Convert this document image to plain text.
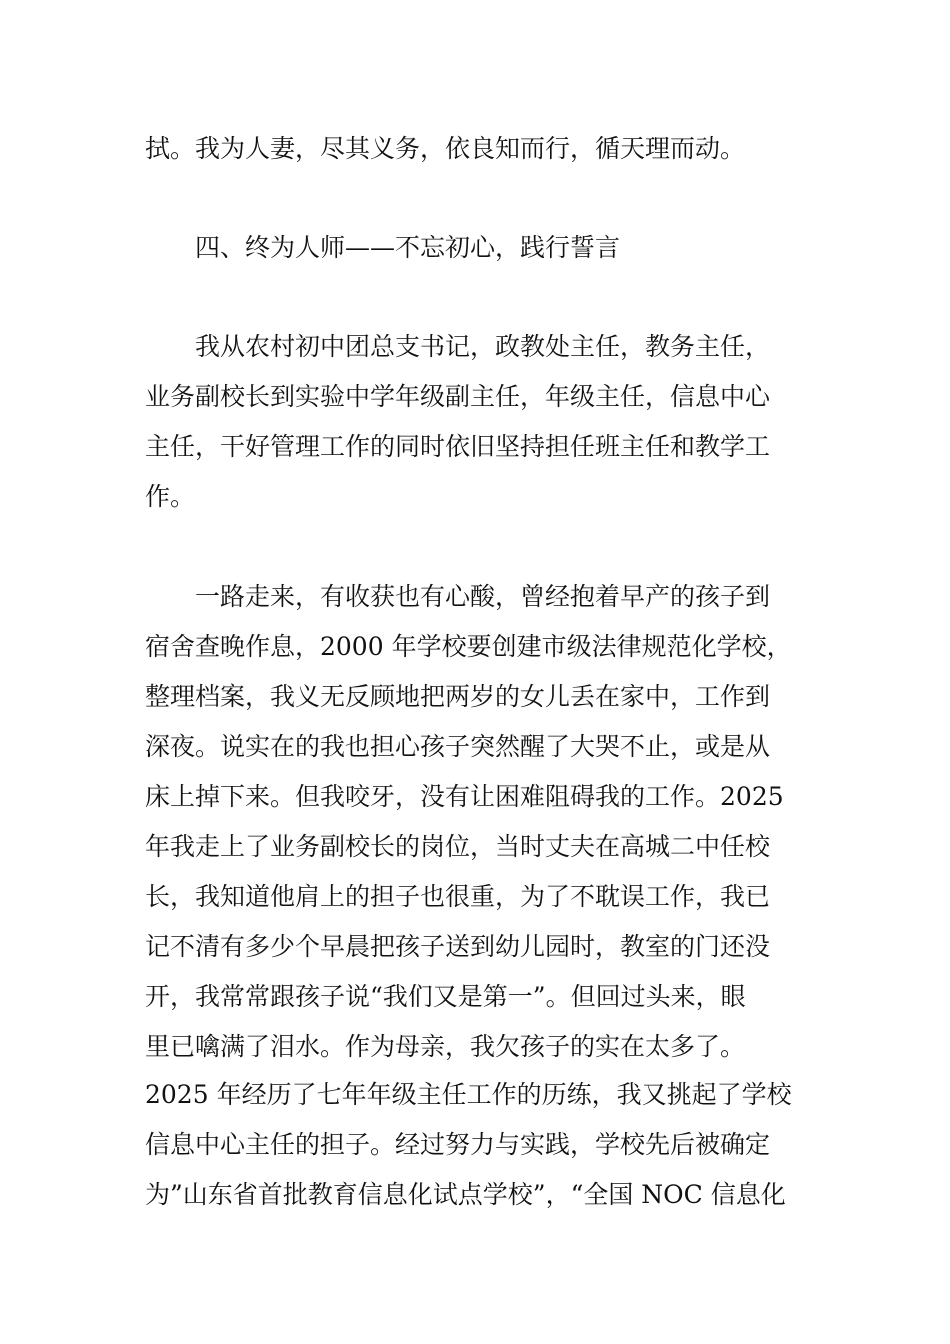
拭。我为人妻，尽其义务，依良知而行，循天理而动。
四、终为人师——不忘初心，践行誓言
我从农村初中团总支书记，政教处主任，教务主任，
业务副校长到实验中学年级副主任，年级主任，信息中心
主任，干好管理工作的同时依旧坚持担任班主任和教学工
作。
一路走来，有收获也有心酸，曾经抱着早产的孩子到
宿舍查晚作息，2000 年学校要创建市级法律规范化学校，
整理档案，我义无反顾地把两岁的女儿丢在家中，工作到
深夜。说实在的我也担心孩子突然醒了大哭不止，或是从
床上掉下来。但我咬牙，没有让困难阻碍我的工作。2025
年我走上了业务副校长的岗位，当时丈夫在高城二中任校
长，我知道他肩上的担子也很重，为了不耽误工作，我已
记不清有多少个早晨把孩子送到幼儿园时，教室的门还没
开，我常常跟孩子说“我们又是第一”。但回过头来，眼
里已噙满了泪水。作为母亲，我欠孩子的实在太多了。
2025 年经历了七年年级主任工作的历练，我又挑起了学校
信息中心主任的担子。经过努力与实践，学校先后被确定
为”山东省首批教育信息化试点学校”，“全国 NOC 信息化
